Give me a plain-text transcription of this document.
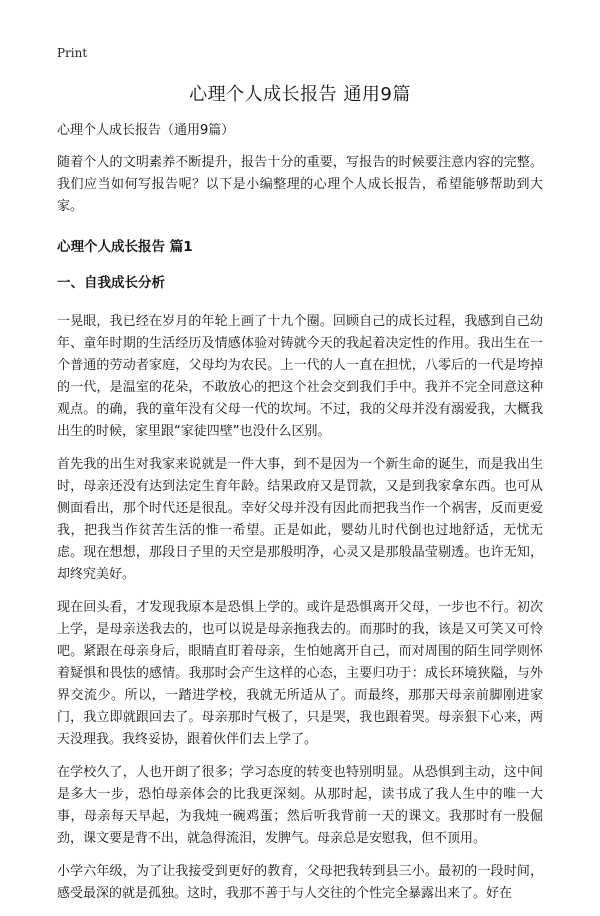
Print
心理个人成长报告 通用9篇

心理个人成长报告（通用9篇）

随着个人的文明素养不断提升，报告十分的重要，写报告的时候要注意内容的完整。我们应当如何写报告呢？以下是小编整理的心理个人成长报告，希望能够帮助到大家。

心理个人成长报告 篇1
一、自我成长分析

一晃眼，我已经在岁月的年轮上画了十九个圈。回顾自己的成长过程，我感到自己幼年、童年时期的生活经历及情感体验对铸就今天的我起着决定性的作用。我出生在一个普通的劳动者家庭，父母均为农民。上一代的人一直在担忧，八零后的一代是垮掉的一代，是温室的花朵，不敢放心的把这个社会交到我们手中。我并不完全同意这种观点。的确，我的童年没有父母一代的坎坷。不过，我的父母并没有溺爱我，大概我出生的时候，家里跟“家徒四壁”也没什么区别。

首先我的出生对我家来说就是一件大事，到不是因为一个新生命的诞生，而是我出生时，母亲还没有达到法定生育年龄。结果政府又是罚款，又是到我家拿东西。也可从侧面看出，那个时代还是很乱。幸好父母并没有因此而把我当作一个祸害，反而更爱我，把我当作贫苦生活的惟一希望。正是如此，婴幼儿时代倒也过地舒适，无忧无虑。现在想想，那段日子里的天空是那般明净，心灵又是那般晶莹剔透。也许无知，却终究美好。

现在回头看，才发现我原本是恐惧上学的。或许是恐惧离开父母，一步也不行。初次上学，是母亲送我去的，也可以说是母亲拖我去的。而那时的我，该是又可笑又可怜吧。紧跟在母亲身后，眼睛直盯着母亲，生怕她离开自己，而对周围的陌生同学则怀着疑惧和畏怯的感情。我那时会产生这样的心态，主要归功于：成长环境狭隘，与外界交流少。所以，一踏进学校，我就无所适从了。而最终，那那天母亲前脚刚进家门，我立即就跟回去了。母亲那时气极了，只是哭，我也跟着哭。母亲狠下心来，两天没理我。我终妥协，跟着伙伴们去上学了。

在学校久了，人也开朗了很多；学习态度的转变也特别明显。从恐惧到主动，这中间是多大一步，恐怕母亲体会的比我更深刻。从那时起，读书成了我人生中的唯一大事，母亲每天早起，为我炖一碗鸡蛋；然后听我背前一天的课文。我那时有一股倔劲，课文要是背不出，就急得流泪，发脾气。母亲总是安慰我，但不顶用。

小学六年级，为了让我接受到更好的教育，父母把我转到县三小。最初的一段时间，感受最深的就是孤独。这时，我那不善于与人交往的个性完全暴露出来了。好在
